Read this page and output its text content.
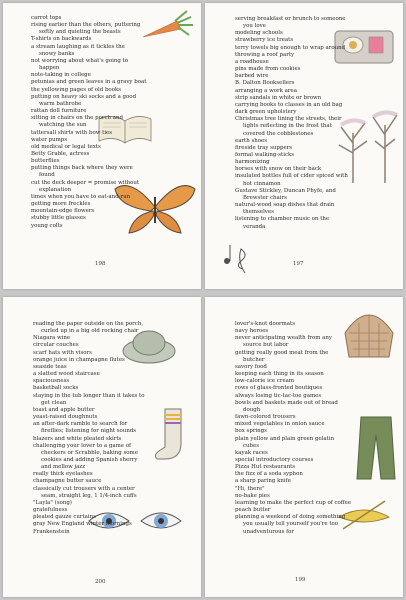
carrot tops
rising earlier than the others, puttering
softly and quieting the beasts
T-shirts on backwards
a stream laughing as it tickles the
snowy banks
not worrying about what's going to
happen
note-taking in college
petunias and green leaves in a gravy boat
the yellowing pages of old books
putting on heavy ski socks and a good
warm bathrobe
rattan doll furniture
sitting in chairs on the porch and
watching the sun
tattersall shirts with bow ties
water pumps
old medical or legal texts
Betty Grable, actress
butterflies
putting things back where they were
found
cut the deck deeper = promise without
explanation
times when you have to eat-and-run
getting more freckles
mountain-edge flowers
stubby little glasses
young colts
198
serving breakfast or brunch to someone
you love
modeling schools
strawberry ice treats
terry towels big enough to wrap around
throwing a roof party
a roadhouse
pins made from cookies
barbed wire
B. Dalton Booksellers
arranging a work area
strip sandals in white or brown
carrying books to classes in an old bag
dark green upholstery
Christmas tree lining the streets, their
lights reflecting in the frost that
covered the cobblestones
earth shoes
fireside tray suppers
formal walking-sticks
harmonizing
horses with snow on their back
insulated bottles full of cider spiced with
hot cinnamon
Gustave Stickley, Duncan Phyfe, and
Brewster chairs
natural-wood soap dishes that drain
themselves
listening to chamber music on the
veranda
197
reading the paper outside on the porch,
curled up in a big old rocking chair
Niagara wine
circular couches
scarf hats with visors
orange juice in champagne flutes
seaside teas
a slatted wood staircase
spaciousness
basketball socks
staying in the tub longer than it takes to
get clean
toast and apple butter
yeast-raised doughnuts
an after-dark ramble to search for
fireflies; listening for night sounds
blazers and white pleated skirts
challenging your lover to a game of
checkers or Scrabble, baking some
cookies and adding Spanish sherry
and mellow jazz
really thick eyelashes
champagne butter sauce
classically cut trousers with a center
seam, straight leg, 1 1/4-inch cuffs
"Layla" (song)
gratefulness
pleated gauze curtains
gray New England winter mornings
Frankenstein
200
lover's-knot doormats
navy heroes
never anticipating wealth from any
source but labor
getting really good meat from the
butcher
savory food
keeping each thing in its season
low-calorie ice cream
rows of glass-fronted boutiques
always losing tic-tac-toe games
bowls and baskets made out of bread
dough
fawn-colored trousers
mixed vegetables in onion sauce
box springs
plain yellow and plain green gelatin
cubes
kayak races
special introductory courses
Pizza Hut restaurants
the fizz of a soda syphon
a sharp paring knife
"Hi, there"
no-bake pies
learning to make the perfect cup of coffee
peach butter
planning a weekend of doing something
you usually tell yourself you're too
unadventurous for
199
